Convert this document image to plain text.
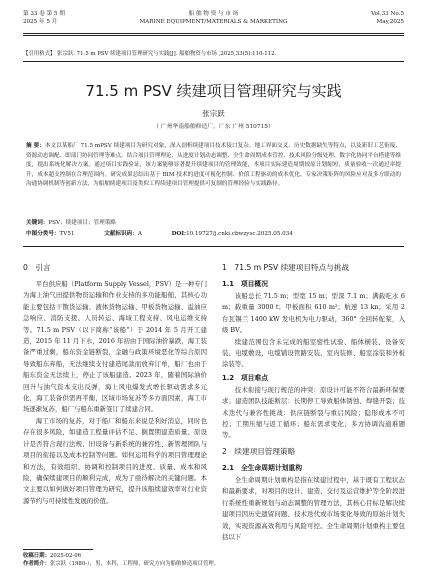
第 33 卷 第 5 期
2025 年 5 月
船 舶 物 资 与 市 场
MARINE EQUIPMENT/MATERIALS & MARKETING
Vol.33 No.5
May,2025
【引用格式】 张宗跃. 71.5 m PSV 续建项目管理研究与实践[J]. 船舶物资与市场 ,2025,33(5):110-112.
71.5 m PSV 续建项目管理研究与实践
张宗跃
（ 广州华南船舶修造厂，广东 广州 510715）
摘 要：本文以某船厂 71.5 mPSV 续建项目为研究对象，深入剖析续建项目技术接口复杂、地工界面交叉、历史数据缺失等特点，以及新旧工艺衔接、资源动态调配、即部门协同管理等难点。结合项目管理理论，从进度计划动态调整、全生命周期成本管控、技术风险分级处理、数字化协同平台搭建等维度，提出系统化解决方案。通过项目实践验证，该方案能够显著提升续建项目的管理效能，本项目实际建造周期较原计划缩短，质量验收一次通过率提升，成本超支控制在合理范围内。研究成果总结出基于 BIM 技术的进度可视化控制、价值工程驱动的成本优化、专家决策矩阵的风险应对及多方联动的沟通协调机制等创新方法，为船舶续建项目及类似工程续建项目管理提供可复制的管理经验与实践路径。
关键词：PSV；续建项目；管理策略
中图分类号：TV51	文献标识码：A	DOI:10.19727/j.cnki.cbwzysc.2025.05.034
0　引言

平台供应船（Platform Supply Vessel，PSV）是一种专门为海上油气田提供物资运输和作业支持的多功能船舶，其核心功能主要包括干散货运输、液体货物运输、甲板货物运输、溢油应急响应、消防支援、人员转运、海域工程支持、风电运维支持等。71.5 m PSV（以下简称“该船”）于 2014 年 5 月开工建造，2015 年 11 月下水，2016 年初由于国际油价暴跌，海工装备严重过剩，船东资金链断裂，金融与政策环境恶化等综合原因导致船东弃船，无法继续支付建造尾款而放弃订单，船厂也由于船东资金无法续上，停止了该船建造。2023 年，随着国际油价回升与油气资本支出反弹，海上风电爆发式增长驱动需求多元化，海工装备供需再平衡，区域市场复苏等多方面因素，海工市场逐渐复苏，船厂与船东重新签订了续建合同。

海工市场的复苏，对于船厂和船东来说是利好消息，同时也存在很多风险，如建造工程量评估不足、搁置期建造质量、原设计是否符合现行法规、旧设备与新系统的兼容性、新管理团队与项目的衔接以及成本控制等问题。如何运用科学的项目管理理论和方法，有效组织、协调和控制项目的进度、质量、成本和风险，确保续建项目的顺利完成，成为了亟待解决的关键问题。本文主要以如何做好项目管理为研究，提升该船续建效率对行业资源节约与可持续性发展的价值。

1　71.5 m PSV 续建项目特点与挑战
1.1　项目概况

该船总长 71.5 m；型宽 15 m；型深 7.1 m；满载吃水 6 m；载重量 3000 t；甲板面积 610 m²；航速 13 kn；采用 2 台瓦锡兰 1400 kW 发电机为电力驱动，360° 全回转舵桨，入级 BV。

续建范围包含未完成的船室密性试验、船体横装、设备安装、电缆敷设、电缆铺设管路安装、室内装修、船室涂装和外板涂装等。

1.2　项目难点

技术衔接与现行规范的冲突：原设计可能不符合最新环保要求；建造团队技能断层：长期停工导致船体锈蚀、焊缝开裂；技术迭代与兼容性挑战：供应链断裂与重启风险；隐形成本不可控；工期压缩与返工循环；船东需求变化；多方协调沟通难题等。

2　续建项目管理策略
2.1　全生命周期计划重构

全生命周期计划重构是指在续建过程中，基于既有工程状态和最新要求，对项目的设计、建造、交付及运营维护等全阶段进行系统性重新规划与动态调整的管理方法，其核心目标是解决续建项目因历史遗留问题、技术迭代或市场变化导致的原始计划失效，实现资源高效利用与风险可控。全生命周期计划重构主要包括以下

收稿日期：2025-02-06
作者简介：张宗跃（1980-），男，本科，工程师，研究方向为船舶修造项目管理。
